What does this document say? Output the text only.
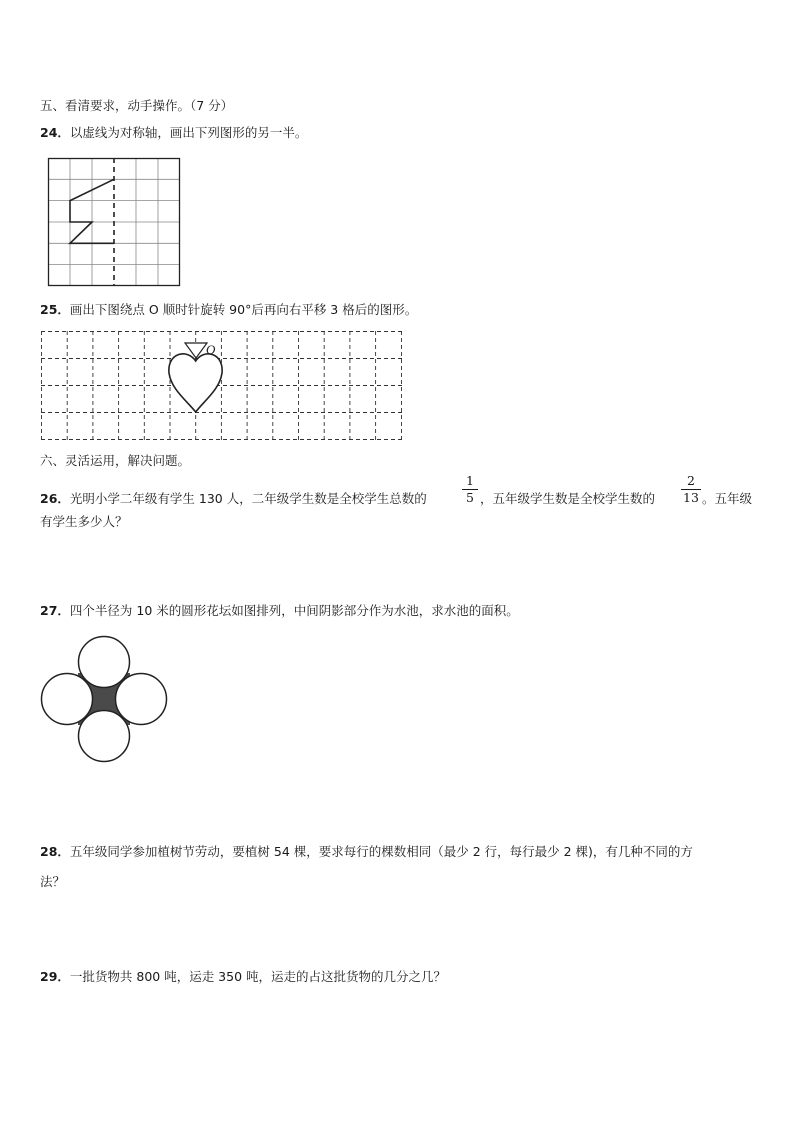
五、看清要求，动手操作。（7 分）
24．以虚线为对称轴，画出下列图形的另一半。
25．画出下图绕点 O 顺时针旋转 90°后再向右平移 3 格后的图形。
O
六、灵活运用，解决问题。
26．光明小学二年级有学生 130 人，二年级学生数是全校学生总数的	$\frac{1}{5}$ ，五年级学生数是全校学生数的 $\frac{2}{13}$ 。五年级
有学生多少人？
27．四个半径为 10 米的圆形花坛如图排列，中间阴影部分作为水池，求水池的面积。
28．五年级同学参加植树节劳动，要植树 54 棵，要求每行的棵数相同（最少 2 行，每行最少 2 棵)，有几种不同的方
法？
29．一批货物共 800 吨，运走 350 吨，运走的占这批货物的几分之几？
